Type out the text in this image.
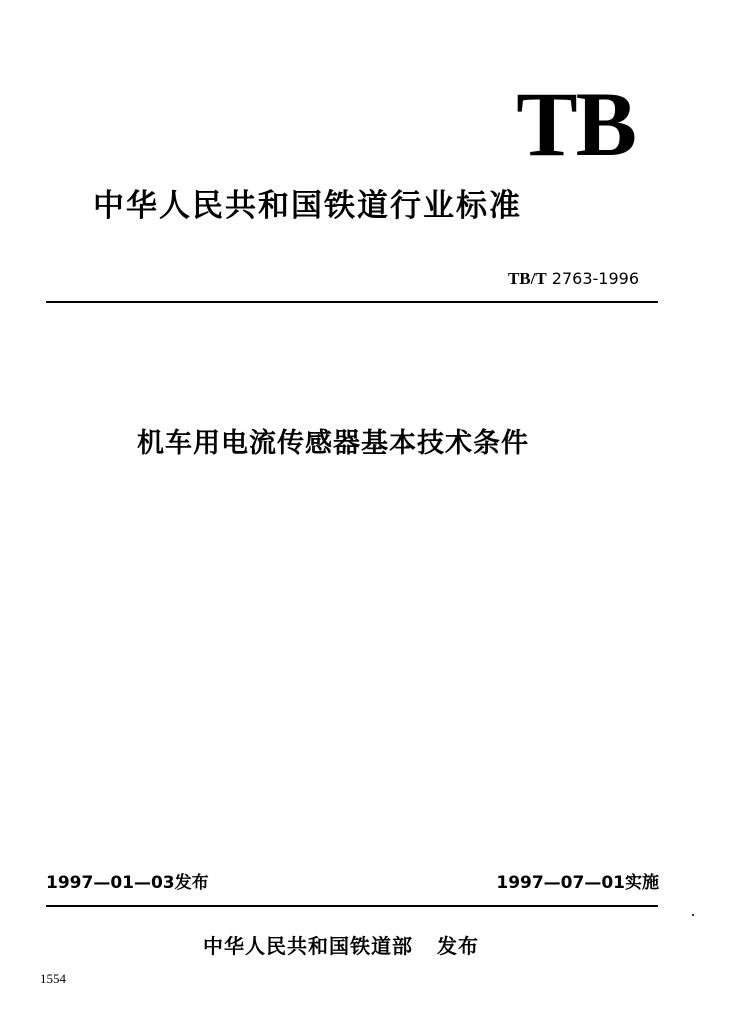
TB
中华人民共和国铁道行业标准
TB/T 2763-1996
机车用电流传感器基本技术条件
1997—01—03发布	1997—07—01实施
中华人民共和国铁道部 发布
1554
